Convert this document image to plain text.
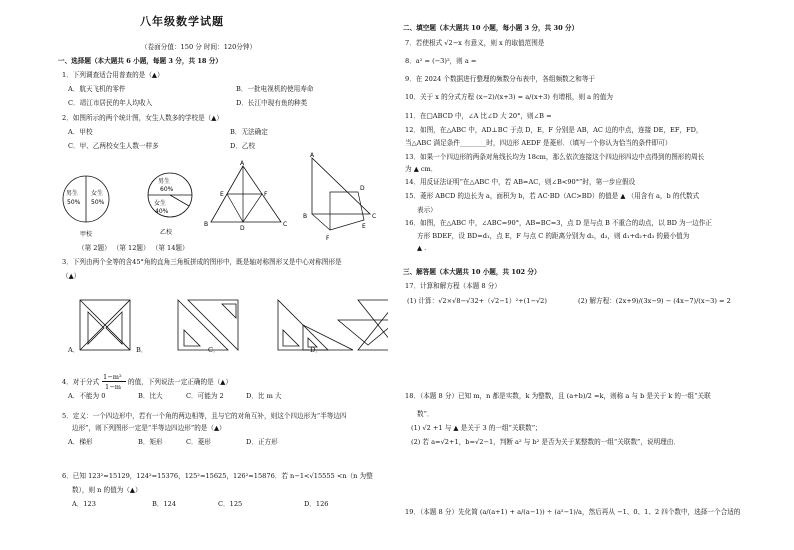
八年级数学试题
（卷面分值：150 分 时间：120分钟）
一、选择题（本大题共 6 小题，每题 3 分，共 18 分）
1．下列调查适合用普查的是（▲）
A．航天飞机的零件	B．一批电视机的使用寿命
C．靖江市居民的年人均收入	D．长江中现有鱼的种类
2．如图所示的两个统计图，女生人数多的学校是（▲）
A．甲校	B．无法确定
C．甲、乙两校女生人数一样多	D．乙校
男生
50%
女生
50%
甲校
男生
60%
女生
40%
乙校
A
B	C
D
E	F
A
B	C
D
E
F
（第 2题） （第 12题） （第 14题）
3．下列由两个全等的含45°角的直角三角板拼成的图形中，既是轴对称图形又是中心对称图形是
（▲）
A．	B．	C．	D．
4．对于分式
1−m²
1−m
的值，下列说法一定正确的是（▲）
A．不能为 0	B．比大	C．可能为 2	D．比 m 大
5．定义：一个四边形中，若有一个角的两边相等，且与它的对角互补，则这个四边形为“半等边四
边形”，则下列图形一定是“半等边四边形”的是（▲）
A．梯形	B．矩形	C．菱形	D．正方形
6．已知 123²=15129，124²=15376，125²=15625，126²=15876．若 n−1<√15555 <n（n 为整
数），则 n 的值为（▲）
A．123	B．124	C．125	D．126
二、填空题（本大题共 10 小题，每小题 3 分，共 30 分）
7．若使根式 √2−x 有意义，则 x 的取值范围是
8．a² = (−3)²，则 a =
9．在 2024 个数据进行整理的频数分布表中，各组频数之和等于
10．关于 x 的分式方程 (x−2)/(x+3) = a/(x+3) 有增根，则 a 的值为
11．在□ABCD 中，∠A 比∠D 大 20°，则∠B =
12．如图，在△ABC 中，AD⊥BC 于点 D，E，F 分别是 AB，AC 边的中点，连接 DE，EF，FD，
当△ABC 满足条件________时，四边形 AEDF 是菱形．（填写一个你认为恰当的条件即可）
13．如果一个四边形的两条对角线长均为 18cm，那么依次连接这个四边形四边中点得到的图形的周长
为 ▲ cm．
14．用反证法证明“在△ABC 中，若 AB=AC，则∠B<90°”时，第一步应假设
15．菱形 ABCD 的边长为 a，面积为 b，若 AC·BD（AC>BD）的值是 ▲ （用含有 a，b 的代数式
表示）
16．如图，在△ABC 中，∠ABC=90°，AB=BC=3，点 D 是与点 B 不重合的动点，以 BD 为一边作正
方形 BDEF，设 BD=d₁，点 E，F 与点 C 的距离分别为 d₂，d₃，则 d₁+d₂+d₃ 的最小值为
▲ .
三、解答题（本大题共 10 小题，共 102 分）
17．计算和解方程（本题 8 分）
(1) 计算：√2×√8−√32+（√2−1）²+(1−√2)	(2) 解方程：(2x+9)/(3x−9) − (4x−7)/(x−3) = 2
18．（本题 8 分）已知 m，n 都是实数，k 为整数，且 (a+b)/2 =k，则称 a 与 b 是关于 k 的一组“关联
数”．
(1) √2 +1 与 ▲ 是关于 3 的一组“关联数”；
(2) 若 a=√2+1，b=√2−1，判断 a² 与 b² 是否为关于某整数的一组“关联数”，说明理由．
19．（本题 8 分）先化简 (a/(a+1) + a/(a−1)) ÷ (a²−1)/a，然后再从 −1、0、1、2 四个数中，选择一个合适的
